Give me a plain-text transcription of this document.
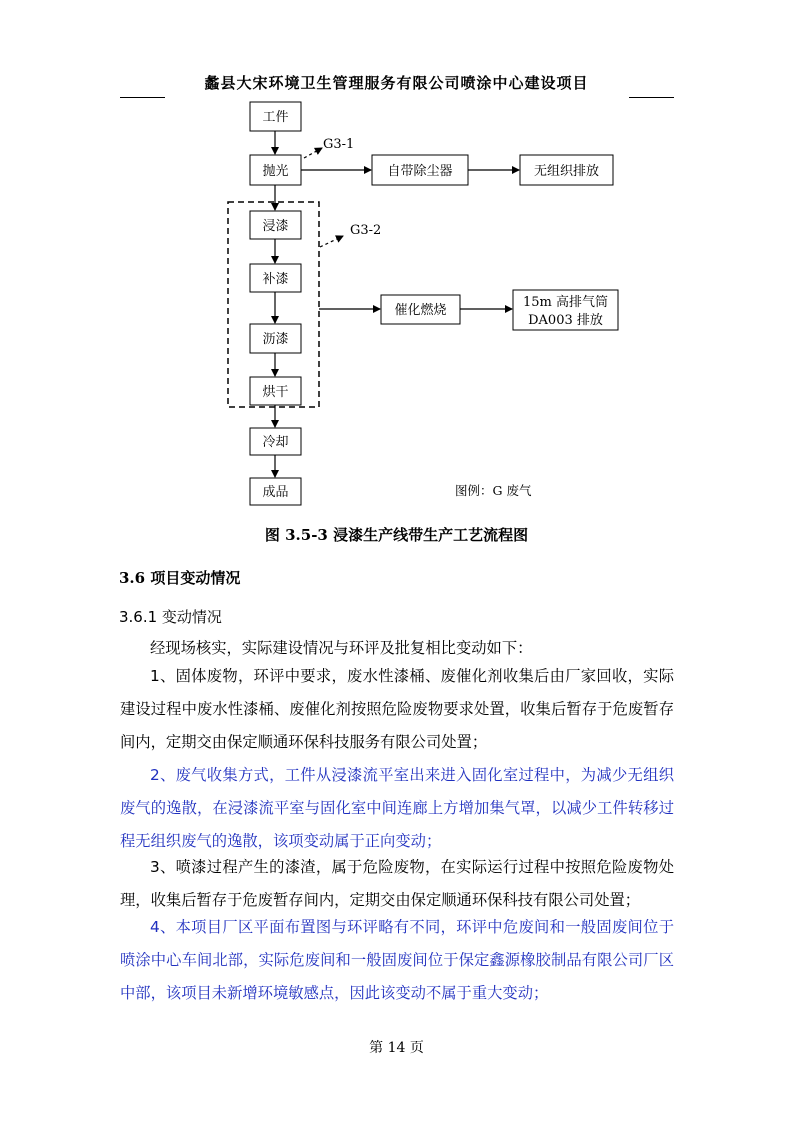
蠡县大宋环境卫生管理服务有限公司喷涂中心建设项目
工件
抛光	自带除尘器	无组织排放
浸漆
补漆
沥漆
烘干
催化燃烧
15m 高排气筒
DA003 排放
冷却
成品
G3-1
G3-2
图例：G 废气
图 3.5-3 浸漆生产线带生产工艺流程图
3.6 项目变动情况
3.6.1 变动情况
经现场核实，实际建设情况与环评及批复相比变动如下：
1、固体废物，环评中要求，废水性漆桶、废催化剂收集后由厂家回收，实际建设过程中废水性漆桶、废催化剂按照危险废物要求处置，收集后暂存于危废暂存间内，定期交由保定顺通环保科技服务有限公司处置；
2、废气收集方式，工件从浸漆流平室出来进入固化室过程中，为减少无组织废气的逸散，在浸漆流平室与固化室中间连廊上方增加集气罩，以减少工件转移过程无组织废气的逸散，该项变动属于正向变动；
3、喷漆过程产生的漆渣，属于危险废物，在实际运行过程中按照危险废物处理，收集后暂存于危废暂存间内，定期交由保定顺通环保科技有限公司处置；
4、本项目厂区平面布置图与环评略有不同，环评中危废间和一般固废间位于喷涂中心车间北部，实际危废间和一般固废间位于保定鑫源橡胶制品有限公司厂区中部，该项目未新增环境敏感点，因此该变动不属于重大变动；
第 14 页
